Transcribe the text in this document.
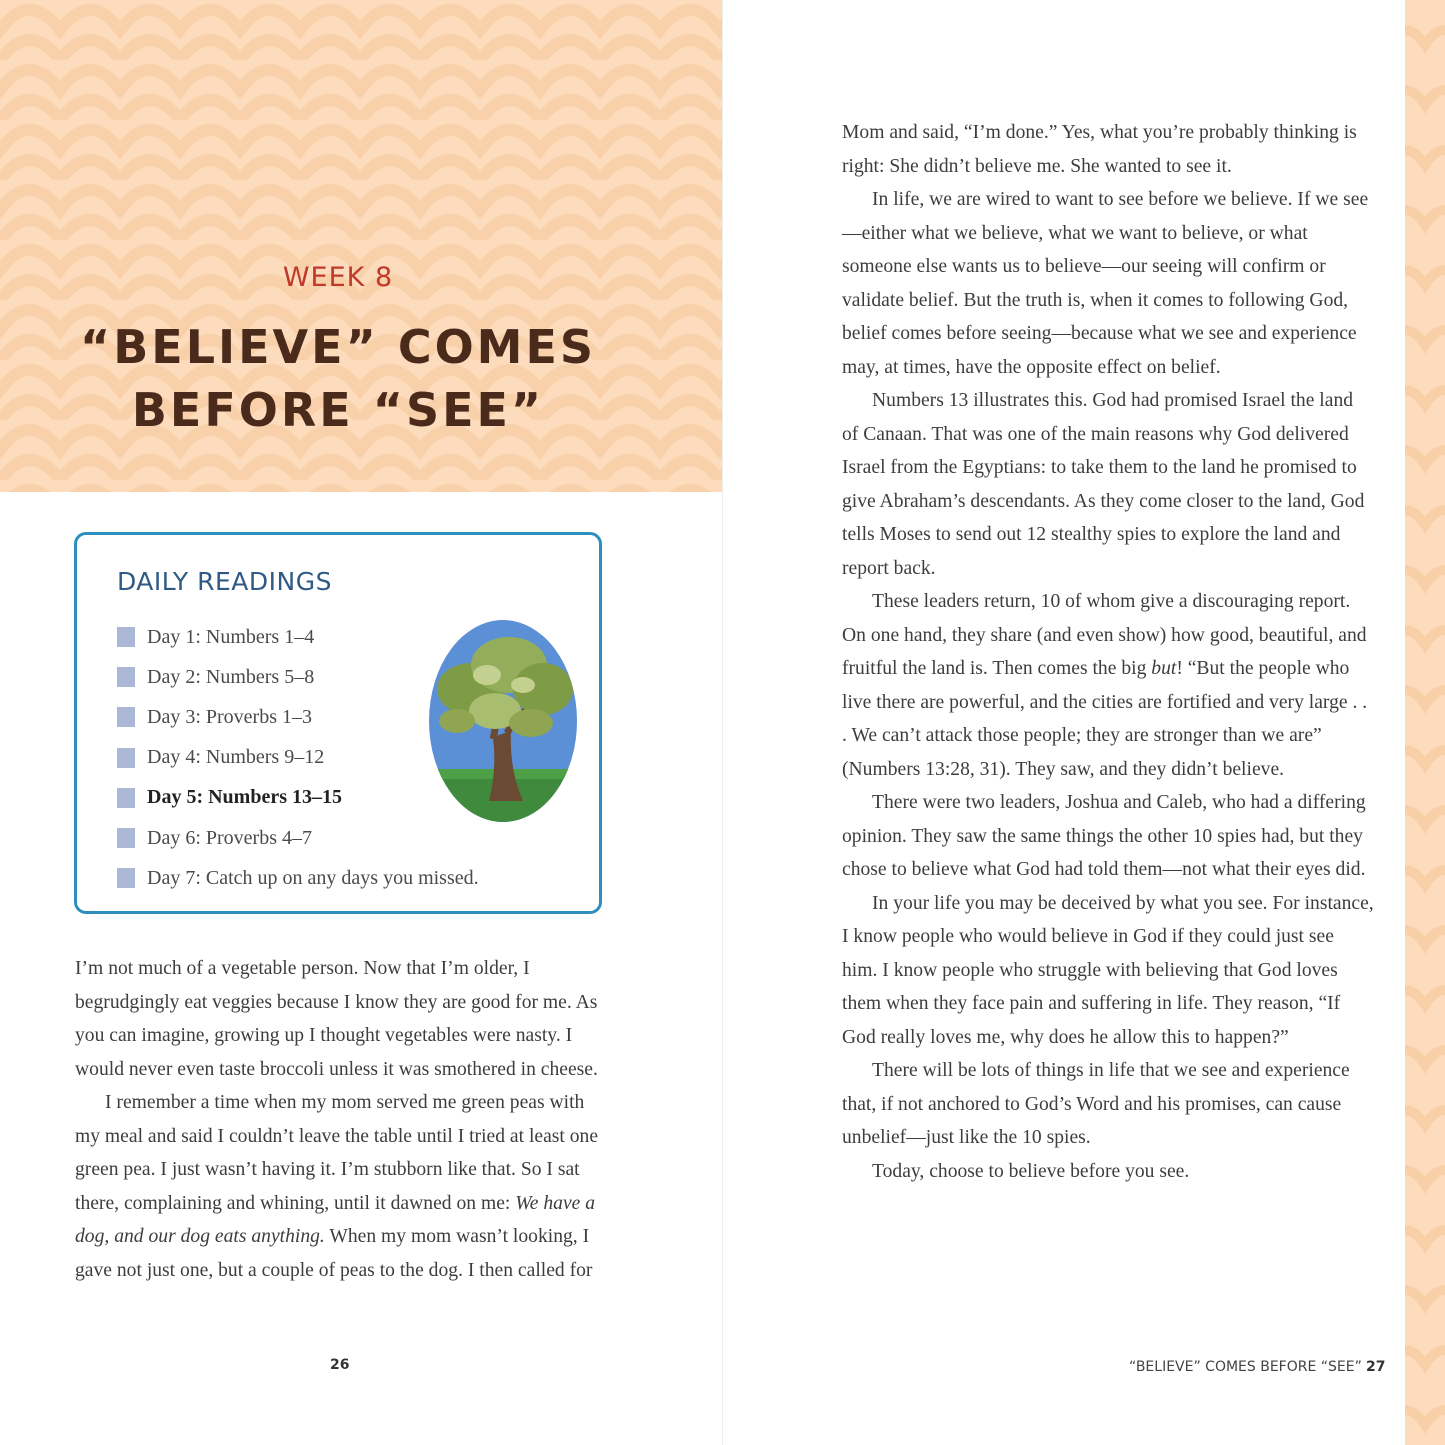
WEEK 8
“BELIEVE” COMES
BEFORE “SEE”
DAILY READINGS
Day 1: Numbers 1–4
Day 2: Numbers 5–8
Day 3: Proverbs 1–3
Day 4: Numbers 9–12
Day 5: Numbers 13–15
Day 6: Proverbs 4–7
Day 7: Catch up on any days you missed.

I’m not much of a vegetable person. Now that I’m older, I begrudgingly eat veggies because I know they are good for me. As you can imagine, growing up I thought vegetables were nasty. I would never even taste broccoli unless it was smothered in cheese.

I remember a time when my mom served me green peas with my meal and said I couldn’t leave the table until I tried at least one green pea. I just wasn’t having it. I’m stubborn like that. So I sat there, complaining and whining, until it dawned on me: We have a dog, and our dog eats anything. When my mom wasn’t looking, I gave not just one, but a couple of peas to the dog. I then called for

26

Mom and said, “I’m done.” Yes, what you’re probably thinking is right: She didn’t believe me. She wanted to see it.

In life, we are wired to want to see before we believe. If we see—either what we believe, what we want to believe, or what someone else wants us to believe—our seeing will confirm or validate belief. But the truth is, when it comes to following God, belief comes before seeing—because what we see and experience may, at times, have the opposite effect on belief.

Numbers 13 illustrates this. God had promised Israel the land of Canaan. That was one of the main reasons why God delivered Israel from the Egyptians: to take them to the land he promised to give Abraham’s descendants. As they come closer to the land, God tells Moses to send out 12 stealthy spies to explore the land and report back.

These leaders return, 10 of whom give a discouraging report. On one hand, they share (and even show) how good, beautiful, and fruitful the land is. Then comes the big but! “But the people who live there are powerful, and the cities are fortified and very large . . . We can’t attack those people; they are stronger than we are” (Numbers 13:28, 31). They saw, and they didn’t believe.

There were two leaders, Joshua and Caleb, who had a differing opinion. They saw the same things the other 10 spies had, but they chose to believe what God had told them—not what their eyes did.

In your life you may be deceived by what you see. For instance, I know people who would believe in God if they could just see him. I know people who struggle with believing that God loves them when they face pain and suffering in life. They reason, “If God really loves me, why does he allow this to happen?”

There will be lots of things in life that we see and experience that, if not anchored to God’s Word and his promises, can cause unbelief—just like the 10 spies.

Today, choose to believe before you see.

“BELIEVE” COMES BEFORE “SEE” 27
